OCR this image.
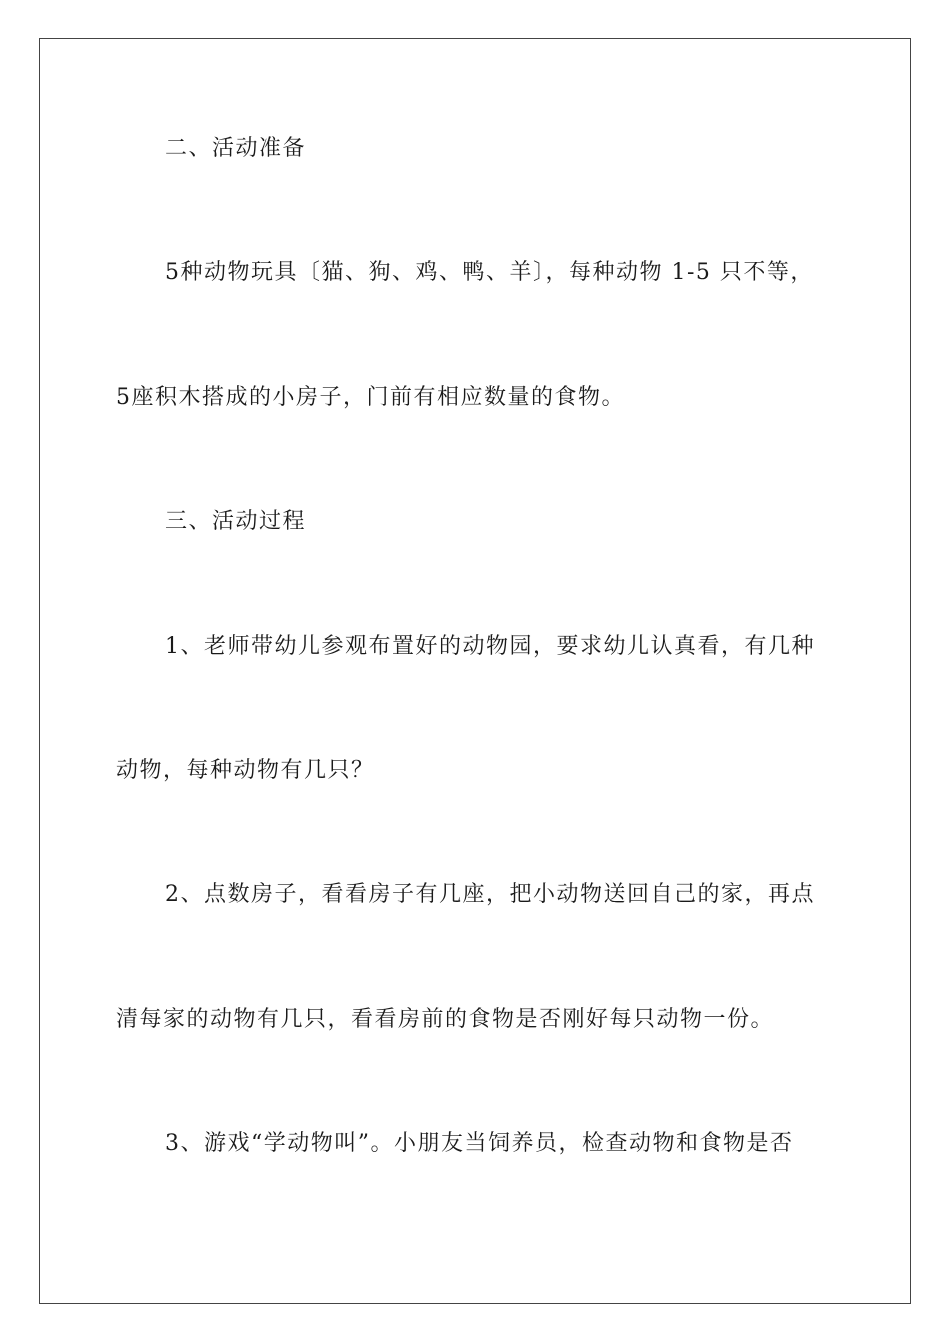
二、活动准备
5种动物玩具〔猫、狗、鸡、鸭、羊〕，每种动物 1-5 只不等，
5座积木搭成的小房子，门前有相应数量的食物。
三、活动过程
1、老师带幼儿参观布置好的动物园，要求幼儿认真看，有几种
动物，每种动物有几只？
2、点数房子，看看房子有几座，把小动物送回自己的家，再点
清每家的动物有几只，看看房前的食物是否刚好每只动物一份。
3、游戏“学动物叫”。小朋友当饲养员，检查动物和食物是否
